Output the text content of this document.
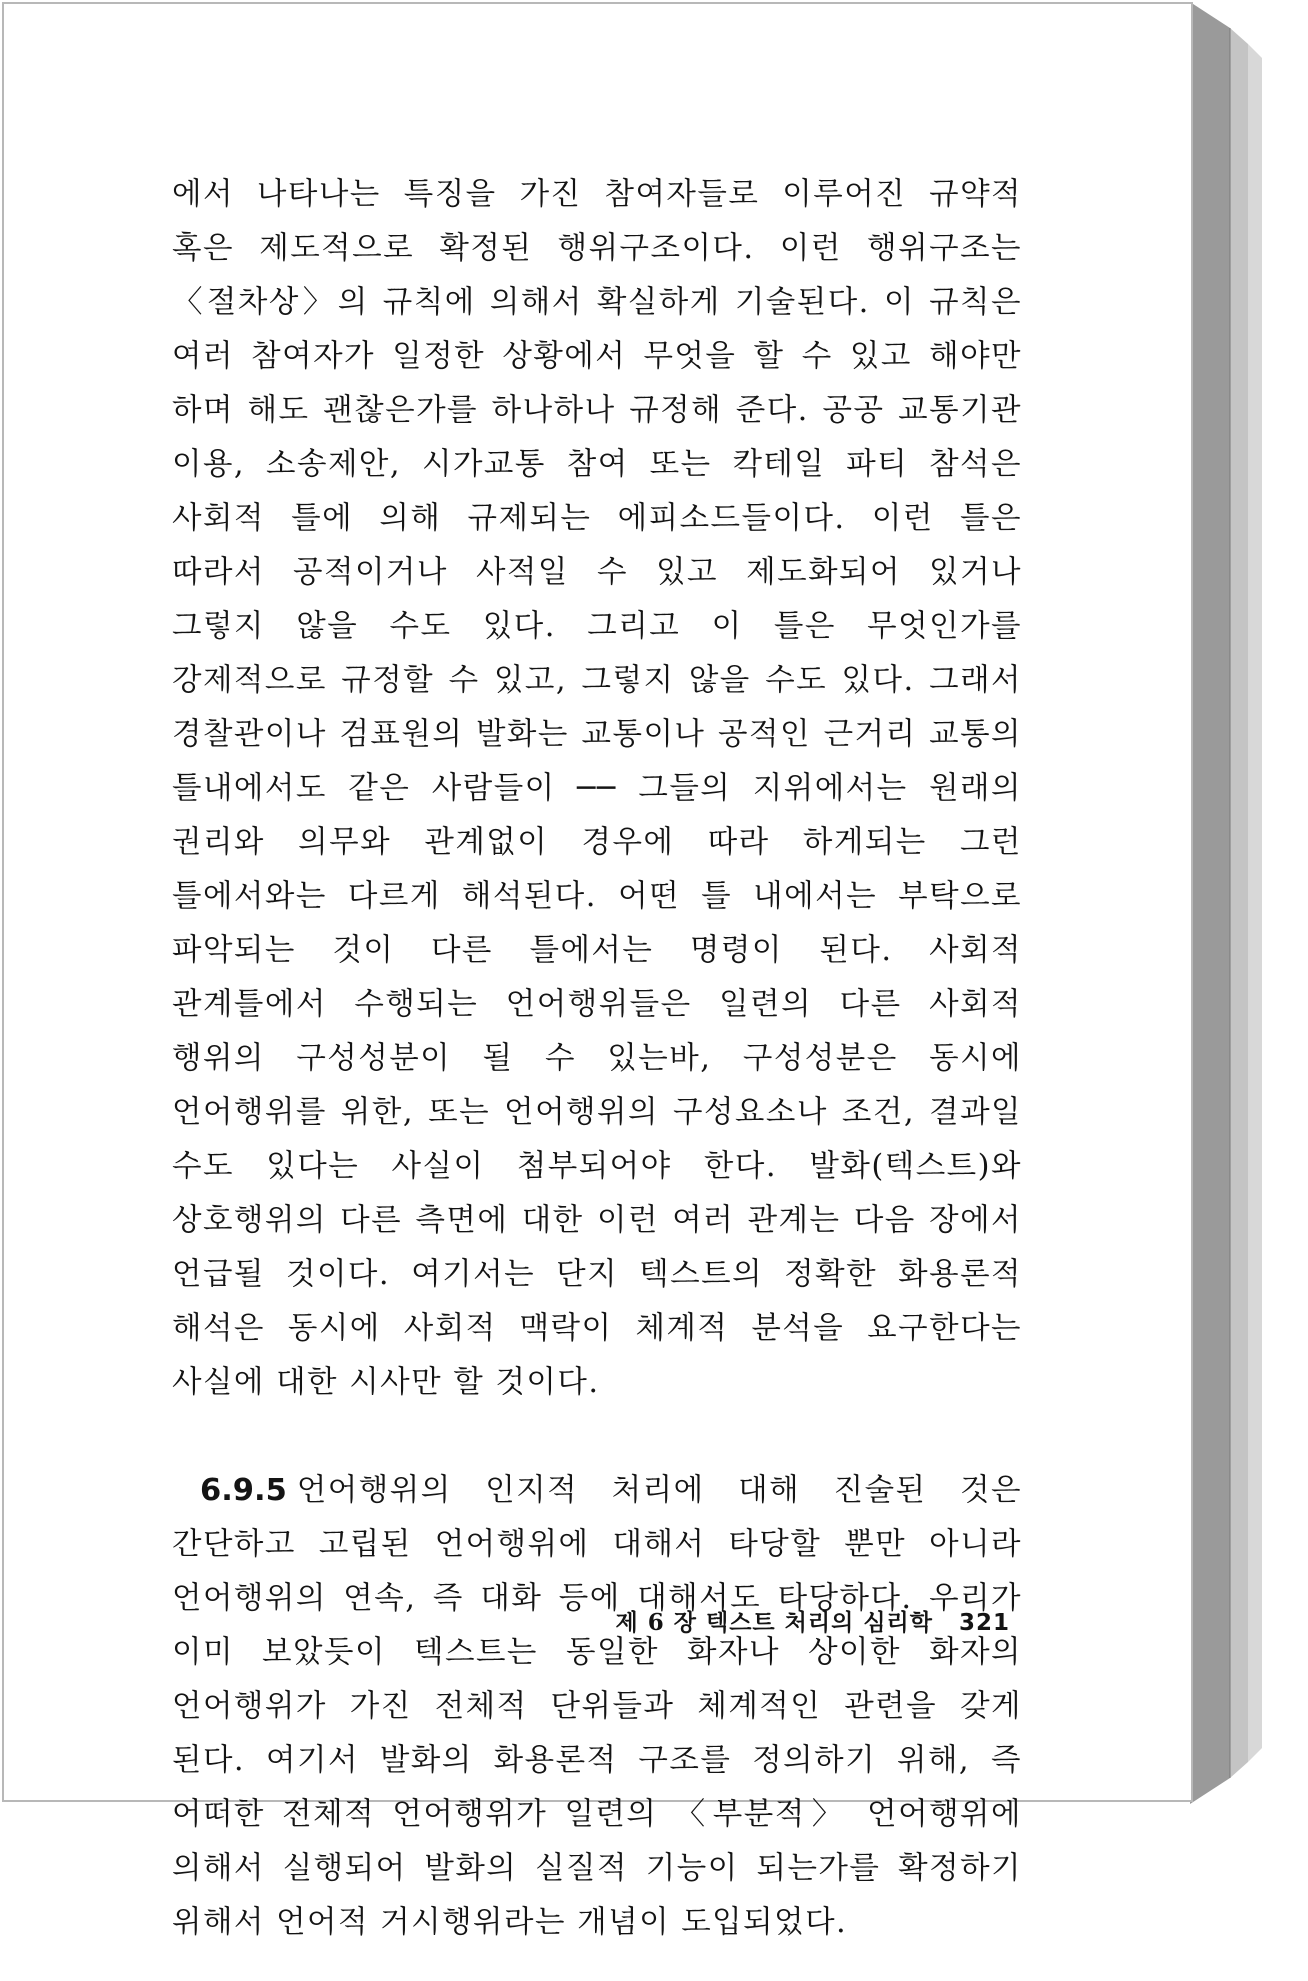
에서 나타나는 특징을 가진 참여자들로 이루어진 규약적 혹은 제도적으로 확정된 행위구조이다. 이런 행위구조는 〈절차상〉의 규칙에 의해서 확실하게 기술된다. 이 규칙은 여러 참여자가 일정한 상황에서 무엇을 할 수 있고 해야만 하며 해도 괜찮은가를 하나하나 규정해 준다. 공공 교통기관 이용, 소송제안, 시가교통 참여 또는 칵테일 파티 참석은 사회적 틀에 의해 규제되는 에피소드들이다. 이런 틀은 따라서 공적이거나 사적일 수 있고 제도화되어 있거나 그렇지 않을 수도 있다. 그리고 이 틀은 무엇인가를 강제적으로 규정할 수 있고, 그렇지 않을 수도 있다. 그래서 경찰관이나 검표원의 발화는 교통이나 공적인 근거리 교통의 틀내에서도 같은 사람들이 ── 그들의 지위에서는 원래의 권리와 의무와 관계없이 경우에 따라 하게되는 그런 틀에서와는 다르게 해석된다. 어떤 틀 내에서는 부탁으로 파악되는 것이 다른 틀에서는 명령이 된다. 사회적 관계틀에서 수행되는 언어행위들은 일련의 다른 사회적 행위의 구성성분이 될 수 있는바, 구성성분은 동시에 언어행위를 위한, 또는 언어행위의 구성요소나 조건, 결과일 수도 있다는 사실이 첨부되어야 한다. 발화(텍스트)와 상호행위의 다른 측면에 대한 이런 여러 관계는 다음 장에서 언급될 것이다. 여기서는 단지 텍스트의 정확한 화용론적 해석은 동시에 사회적 맥락이 체계적 분석을 요구한다는 사실에 대한 시사만 할 것이다.

6.9.5 언어행위의 인지적 처리에 대해 진술된 것은 간단하고 고립된 언어행위에 대해서 타당할 뿐만 아니라 언어행위의 연속, 즉 대화 등에 대해서도 타당하다. 우리가 이미 보았듯이 텍스트는 동일한 화자나 상이한 화자의 언어행위가 가진 전체적 단위들과 체계적인 관련을 갖게 된다. 여기서 발화의 화용론적 구조를 정의하기 위해, 즉 어떠한 전체적 언어행위가 일련의 〈부분적〉 언어행위에 의해서 실행되어 발화의 실질적 기능이 되는가를 확정하기 위해서 언어적 거시행위라는 개념이 도입되었다.

제 6 장 텍스트 처리의 심리학 321
